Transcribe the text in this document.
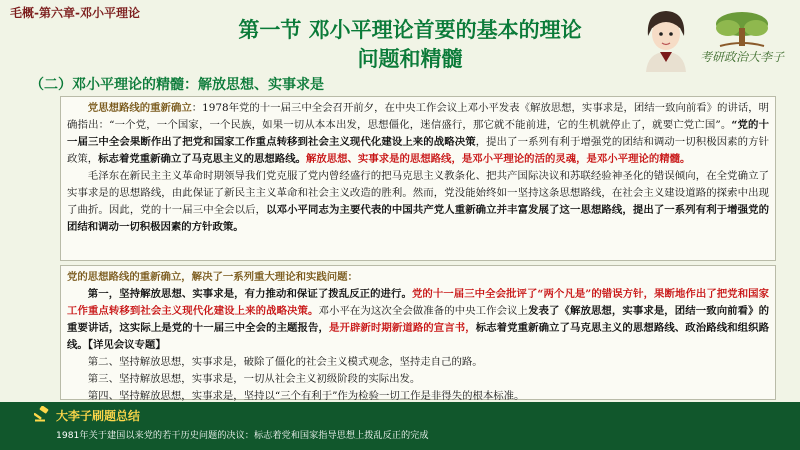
毛概-第六章-邓小平理论
第一节 邓小平理论首要的基本的理论
问题和精髓	考研政治大李子
（二）邓小平理论的精髓：解放思想、实事求是

党思想路线的重新确立：1978年党的十一届三中全会召开前夕，在中央工作会议上邓小平发表《解放思想，实事求是，团结一致向前看》的讲话，明确指出：“一个党，一个国家，一个民族，如果一切从本本出发，思想僵化，迷信盛行，那它就不能前进，它的生机就停止了，就要亡党亡国”。“党的十一届三中全会果断作出了把党和国家工作重点转移到社会主义现代化建设上来的战略决策，提出了一系列有利于增强党的团结和调动一切积极因素的方针政策，标志着党重新确立了马克思主义的思想路线。解放思想、实事求是的思想路线，是邓小平理论的活的灵魂，是邓小平理论的精髓。

毛泽东在新民主主义革命时期领导我们党克服了党内曾经盛行的把马克思主义教条化、把共产国际决议和苏联经验神圣化的错误倾向，在全党确立了实事求是的思想路线，由此保证了新民主主义革命和社会主义改造的胜利。然而，党没能始终如一坚持这条思想路线，在社会主义建设道路的探索中出现了曲折。因此，党的十一届三中全会以后，以邓小平同志为主要代表的中国共产党人重新确立并丰富发展了这一思想路线，提出了一系列有利于增强党的团结和调动一切积极因素的方针政策。

党的思想路线的重新确立，解决了一系列重大理论和实践问题：

第一，坚持解放思想、实事求是，有力推动和保证了拨乱反正的进行。党的十一届三中全会批评了“两个凡是”的错误方针，果断地作出了把党和国家工作重点转移到社会主义现代化建设上来的战略决策。邓小平在为这次全会做准备的中央工作会议上发表了《解放思想，实事求是，团结一致向前看》的重要讲话，这实际上是党的十一届三中全会的主题报告，是开辟新时期新道路的宣言书，标志着党重新确立了马克思主义的思想路线、政治路线和组织路线。【详见会议专题】

第二、坚持解放思想，实事求是，破除了僵化的社会主义模式观念，坚持走自己的路。

第三、坚持解放思想，实事求是，一切从社会主义初级阶段的实际出发。

第四、坚持解放思想，实事求是，坚持以“三个有利于”作为检验一切工作是非得失的根本标准。

大李子刷题总结
1981年关于建国以来党的若干历史问题的决议：标志着党和国家指导思想上拨乱反正的完成
